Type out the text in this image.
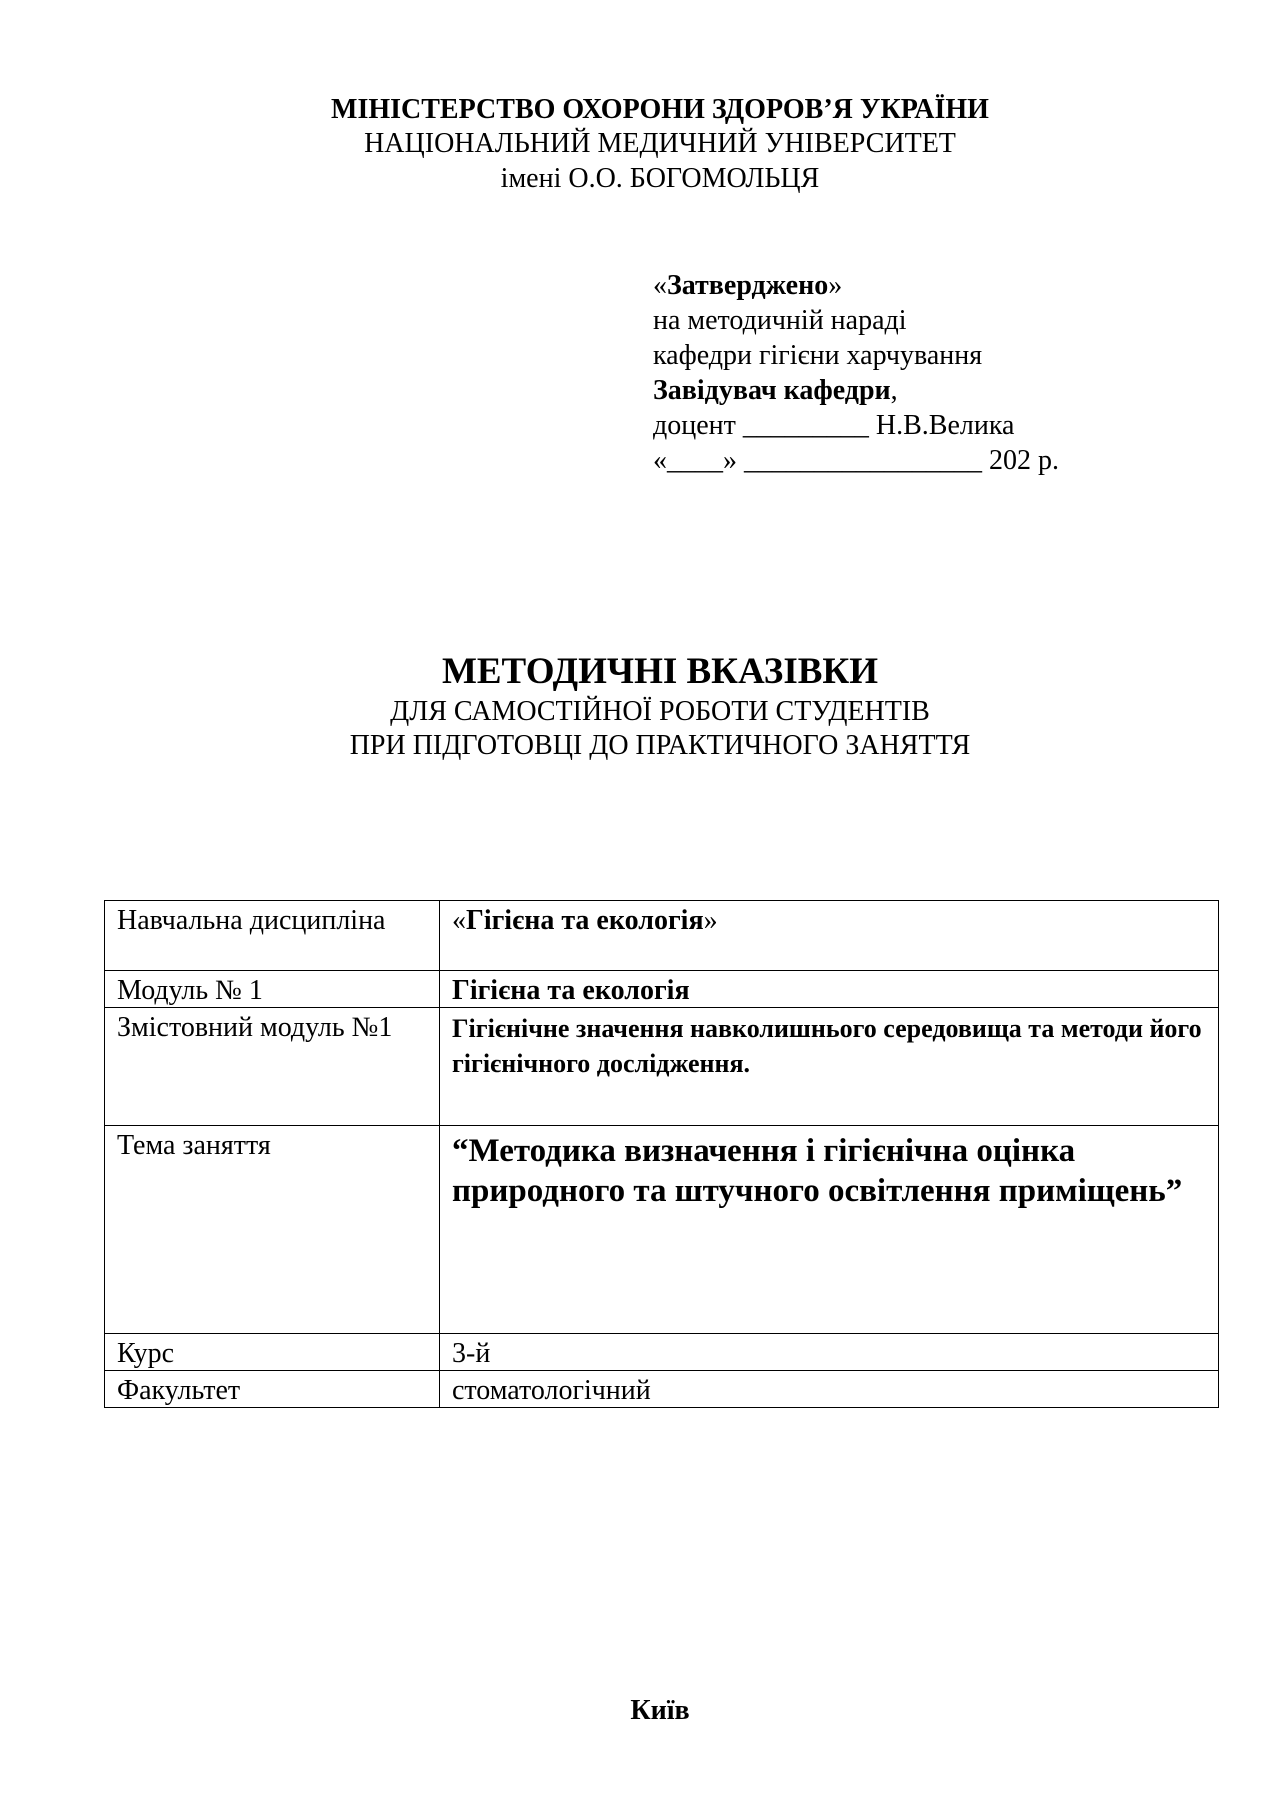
МІНІСТЕРСТВО ОХОРОНИ ЗДОРОВ’Я УКРАЇНИ
НАЦІОНАЛЬНИЙ МЕДИЧНИЙ УНІВЕРСИТЕТ
імені О.О. БОГОМОЛЬЦЯ
«Затверджено»
на методичній нараді
кафедри гігієни харчування
Завідувач кафедри,
доцент _________ Н.В.Велика
«____» _________________ 202 р.
МЕТОДИЧНІ ВКАЗІВКИ
ДЛЯ САМОСТІЙНОЇ РОБОТИ СТУДЕНТІВ
ПРИ ПІДГОТОВЦІ ДО ПРАКТИЧНОГО ЗАНЯТТЯ
Навчальна дисципліна	«Гігієна та екологія»
Модуль № 1	Гігієна та екологія
Змістовний модуль №1	Гігієнічне значення навколишнього середовища та методи його гігієнічного дослідження.

Тема заняття	“Методика визначення і гігієнічна оцінка природного та штучного освітлення приміщень”

Курс	3-й
Факультет	стоматологічний
Київ
